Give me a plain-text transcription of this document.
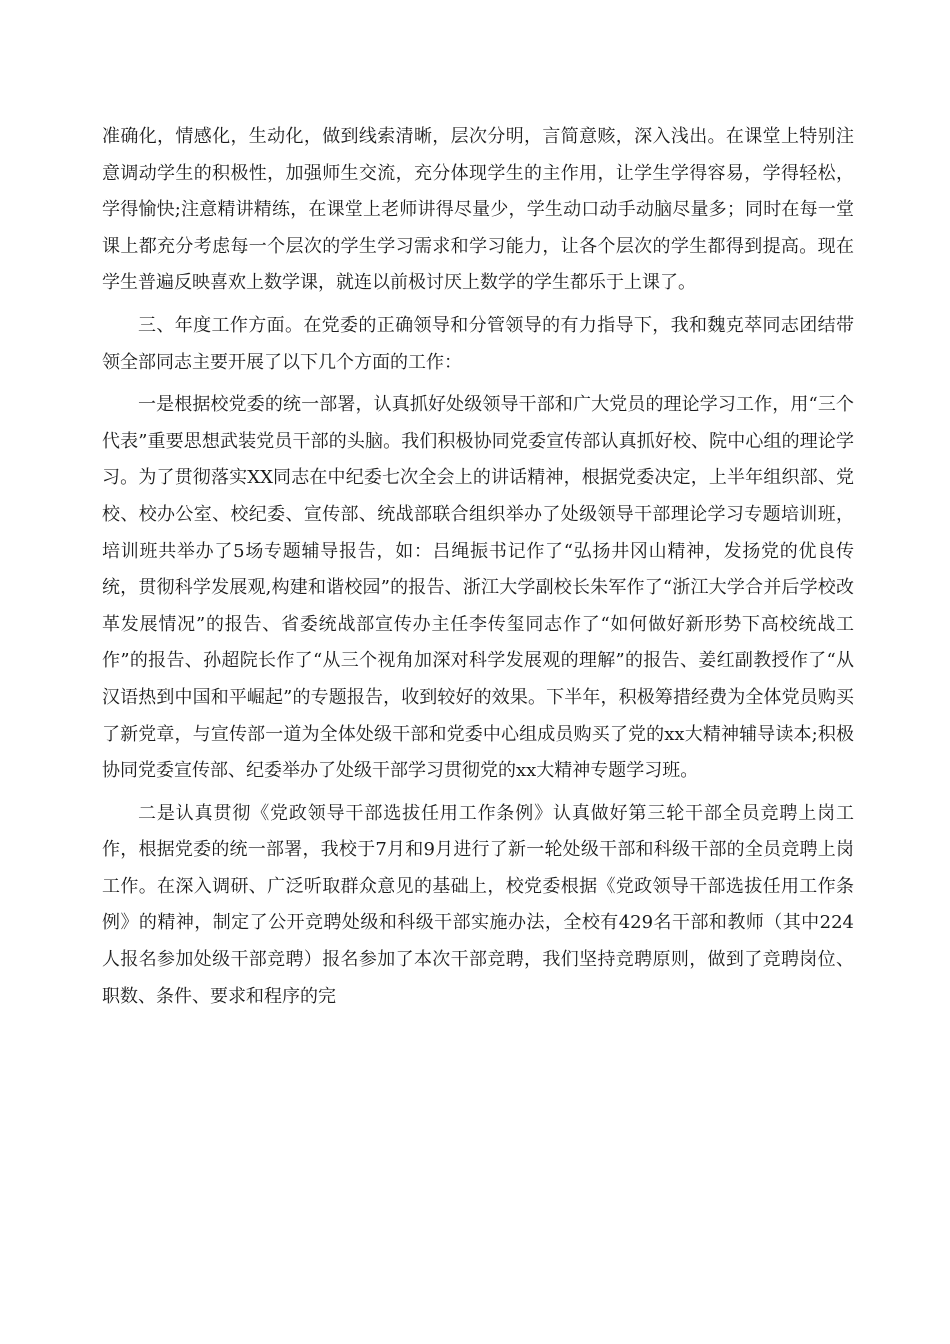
准确化，情感化，生动化，做到线索清晰，层次分明，言简意赅，深入浅出。在课堂上特别注意调动学生的积极性，加强师生交流，充分体现学生的主作用，让学生学得容易，学得轻松，学得愉快;注意精讲精练，在课堂上老师讲得尽量少，学生动口动手动脑尽量多；同时在每一堂课上都充分考虑每一个层次的学生学习需求和学习能力，让各个层次的学生都得到提高。现在学生普遍反映喜欢上数学课，就连以前极讨厌上数学的学生都乐于上课了。

三、年度工作方面。在党委的正确领导和分管领导的有力指导下，我和魏克萃同志团结带领全部同志主要开展了以下几个方面的工作：

一是根据校党委的统一部署，认真抓好处级领导干部和广大党员的理论学习工作，用“三个代表”重要思想武装党员干部的头脑。我们积极协同党委宣传部认真抓好校、院中心组的理论学习。为了贯彻落实XX同志在中纪委七次全会上的讲话精神，根据党委决定，上半年组织部、党校、校办公室、校纪委、宣传部、统战部联合组织举办了处级领导干部理论学习专题培训班，培训班共举办了5场专题辅导报告，如：吕绳振书记作了“弘扬井冈山精神，发扬党的优良传统，贯彻科学发展观,构建和谐校园”的报告、浙江大学副校长朱军作了“浙江大学合并后学校改革发展情况”的报告、省委统战部宣传办主任李传玺同志作了“如何做好新形势下高校统战工作”的报告、孙超院长作了“从三个视角加深对科学发展观的理解”的报告、姜红副教授作了“从汉语热到中国和平崛起”的专题报告，收到较好的效果。下半年，积极筹措经费为全体党员购买了新党章，与宣传部一道为全体处级干部和党委中心组成员购买了党的xx大精神辅导读本;积极协同党委宣传部、纪委举办了处级干部学习贯彻党的xx大精神专题学习班。

二是认真贯彻《党政领导干部选拔任用工作条例》认真做好第三轮干部全员竞聘上岗工作，根据党委的统一部署，我校于7月和9月进行了新一轮处级干部和科级干部的全员竞聘上岗工作。在深入调研、广泛听取群众意见的基础上，校党委根据《党政领导干部选拔任用工作条例》的精神，制定了公开竞聘处级和科级干部实施办法，全校有429名干部和教师（其中224人报名参加处级干部竞聘）报名参加了本次干部竞聘，我们坚持竞聘原则，做到了竞聘岗位、职数、条件、要求和程序的完
